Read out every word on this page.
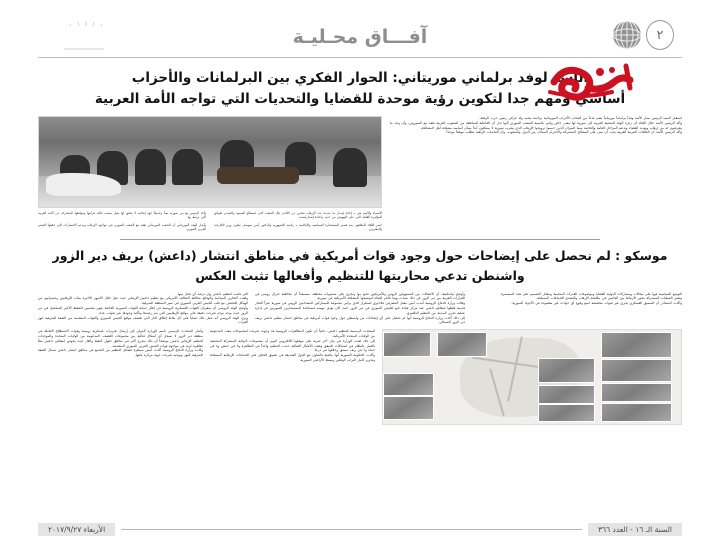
آفـــاق محـليـة	٢
الأسد لوفد برلماني موريتاني: الحوار الفكري بين البرلمانات والأحزاب
أساسي ومهم جدا لتكوين رؤية موحدة للقضايا والتحديات التي تواجه الأمة العربية
استقبل السيد الرئيس بشار الأسد وفداً برلمانياً موريتانياً يضم عدداً من أصحاب الأحزاب الموريتانية برئاسة محمد ولد غزالي رئيس حزب الرفعة.
وأكد الرئيس الأسد خلال اللقاء أن زيارة الوفد الشعبية العربية إلى سورية لها معنى خاص وكبير بالنسبة للشعب السوري لأنها تدل أن الفاعلية الساطعة من الشعوب العربية تقف مع السوريين، وأن وجه ما يتعرضون له من إرهاب وتهديد للقضاء وتدعم المراحل العامة والخاصة بينما الميزان الذين حمموا ترويجوا الإرهاب الذي يضرب سورية لا يشكلون أبداً بشأن أساسه مصلحة أهل المصالحة.
وأكد الرئيس الأسد أن العلاقات العربية العربية يجب أن تبنى على المصالح المشتركة والاحترام المتبادل بين الدول والشعوب، وأن التحديات الراهنة تتطلب موقفاً موحداً.
الأسماء والأسم هي بـ إعادة إصدار ما عديدة عدد الإرهاب محبين عن اللاجئ بكل الشعب الذي استطاع الصمود والتصدي لعوائق المؤامرة القليلة التي على التهويش من جديد واعادة إصدارايضت.
وأكد الرئيس مع من سورية نصاً وجميعاً جهة إيجابية لا يحقق لها مثيل بسبب حالية قرابتها ومواقفها المشتركة عن الأمة العربية التي ترتبط بها.
حضر اللقاء المكلفون بنية قصير المستشارة السياسية والإعلامية بـ رئاسة الجمهورية والدكتور أيمن سوسان معاون وزير الخارجية والمغتربين.
وأشار الوفد الموريتاني أن الشعب الموريتاني يقف مع الشعب السوري في مواجهة الإرهاب ويدعم الانتصارات التي حققها الجيش العربي السوري.
موسكو : لم نحصل على إيضاحات حول وجود قوات أمريكية في مناطق انتشار (داعش) بريف دير الزور
واشنطن تدعي محاربتها للتنظيم وأفعالها تثبت العكس
التوسع السياسية فيها على مجالات ومشاركات الدولية القضايا وموضوعات القدرات المتنامية ومقابل التصميم على هذه المستمرة.
وتعتبر العمليات المشتركة محور الارتباط بين الجانبين في مكافحة الإرهاب والتصدي للجماعات المسلحة.
وأكدت المصادر أن التنسيق العسكري يجري عبر قنوات مخصصة لمنع وقوع أي حوادث غير مقصودة في الأجواء السورية.
وأوضح بيانـتكييف أن الاتصالات بين المسؤولين الروس والأمريكيين تتابع بـها وتجري على مستويات مختلفة، مستبعداً أن مخاطبة جنرال روسي في القرارات القريبة من دير الزور عن ذلك نشدت يهنيا بالتام للنجاة لتوضيحها المصلحة الأمريكية في سورية.
وقالت وزارة الدفاع الروسية أمدت أمين مقتل المصرفي فلاحيري استقرار الدي يرأس مجموعة للمشاركين المصاحبين الروس في سورية عبراً الغدار قديمة قلطها لمقاتلو داعش عند مركز قيادة تابع للجيش السوري في دير الزور حيث كان يؤدي مهمته لمساعدة المستشارين السوريين في إدارة عملية تحرير المدينة من التنظيم التكفيري.
إلى ذلك أكدت وزارة الدفاع الروسية أنها لم تحصل على أي إيضاحات من واشنطن حول وجود قوات أمريكية في مناطق انتشار تنظيم داعش بريف دير الزور الشمالي.
التي قامت لتنظيم داعش وإن ترصد أي قتال بينها.
ولفتت التقارير الميدانية والوقائع مخالفة التحالف الأمريكي مع تنظيم داعش الإرهابي حيث نقل خلال الأشهر الأخيرة مئات الإرهابيين وعشراتهم من الهياكل للتحصن مع قلب الجيش العربي السوري في سير المنطقة الشرقية.
وأوضح الوفد الروسي أن سفيران القوات العسكرية الروسية في إطار حماية القوات السورية الخاصة يقوم بتحسين الضغط الأخير المتحصل في دير الزور حيث يوجد توجه ضربات دقيقة على مواقع الإرهابيين التي يتم رصدها وتأكيد وجودها عبر قنوات عدة.
ويرى الوفد الروسي أنه عمل ذلك عملياً على كل نقاط إطلاق النار التي تقصف مواقع الجيش السوري والقوات المتقدمة من الضفة الشرقية لنهر الفرات.
المتحدث الرسمية للتنظيم داعش، داعياً أن تكون المظاهرات الروسية قد وجهت ضربات لمجموعات مقت المدعومة من الولايات المتحدة الأمريكية.
إلى ذلك لفتت الوزارة في بيان أخر ضربة على موقفها الالكتروني اليوم أن مجموعات الرقابة المشتركة المختصة بالعمل بالنظام في اشتباكات الشقق وقعت الأعمال القتالية حددت التنظيم واحداً في التظاهرة و٣ في حمص و٤ في حماة و٦ في ريف دمشق وخلافها في درعا.
وأكدت الحكومة السورية أنها ماضية بالتعاون مع الدول الصديقة في تضييق الخناق على الجماعات الإرهابية المسلحة وتحرير كامل التراب الوطني وبسط الأراضي السورية.
وأشار المتحدث الرسمي باسم الوزارة الدولي إلى إرسال تعزيزات عسكرية روسية وقوات الاستطلاع العاملة في منطقة دير الزور لا تسجل أي أشكال قتالية بين مجموعات القصف، المدعومة من الولايات المتحدة والموحدات التنظيم الإرهابي داعش موضحاً أن ذلك يتجرح أكثر في مناطق حقول النفط والغاز حيث يخوض لمقاتلي داعش مثلاً تظاهرة لربة في مواجهة قوات الجيش العربي السوري المتقدمة.
وكانت وزارة الدفاع الروسية أكدت أمس سيطرة فصائل التنظيم من التجمع في مناطق انتشار داعش شمال الضفة الشرقية للنهر وتوجيه ضربات جوية مركزة عليها.
السنة الـ ١٦ - العدد ٣٦٦
الأربعاء ٢٠١٧/٩/٢٧
